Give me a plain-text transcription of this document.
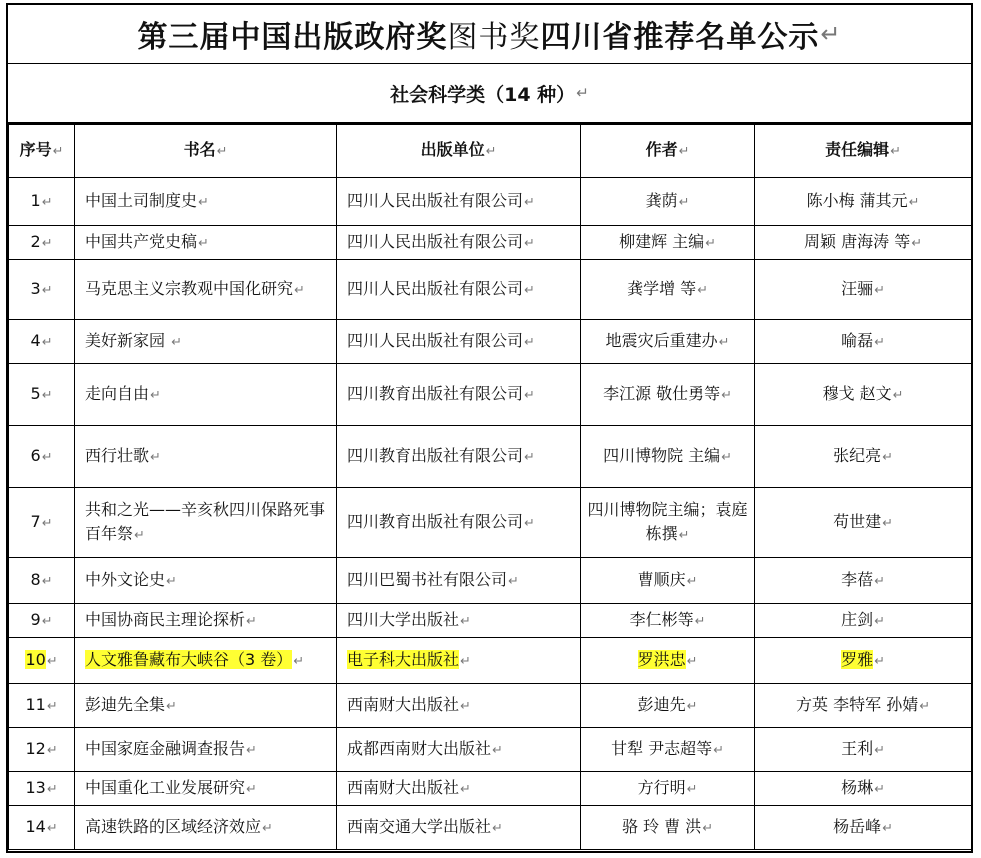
第三届中国出版政府奖 图书奖 四川省推荐名单公示 ↵
社会科学类（14 种） ↵
序号↵	书名↵	出版单位↵	作者↵	责任编辑↵
1↵	中国土司制度史↵	四川人民出版社有限公司↵	龚荫↵	陈小梅 蒲其元↵
2↵	中国共产党史稿↵	四川人民出版社有限公司↵	柳建辉 主编↵	周颖 唐海涛 等↵
3↵	马克思主义宗教观中国化研究↵	四川人民出版社有限公司↵	龚学增 等↵	汪骊↵
4↵	美好新家园 ↵	四川人民出版社有限公司↵	地震灾后重建办↵	喻磊↵
5↵	走向自由↵	四川教育出版社有限公司↵	李江源 敬仕勇等↵	穆戈 赵文↵
6↵	西行壮歌↵	四川教育出版社有限公司↵	四川博物院 主编↵	张纪亮↵
7↵	共和之光——辛亥秋四川保路死事百年祭↵	四川教育出版社有限公司↵	四川博物院主编；袁庭栋撰↵	苟世建↵
8↵	中外文论史↵	四川巴蜀书社有限公司↵	曹顺庆↵	李蓓↵
9↵	中国协商民主理论探析↵	四川大学出版社↵	李仁彬等↵	庄剑↵
10↵	人文雅鲁藏布大峡谷（3 卷）↵	电子科大出版社↵	罗洪忠↵	罗雅↵
11↵	彭迪先全集↵	西南财大出版社↵	彭迪先↵	方英 李特军 孙婧↵
12↵	中国家庭金融调查报告↵	成都西南财大出版社↵	甘犁 尹志超等↵	王利↵
13↵	中国重化工业发展研究↵	西南财大出版社↵	方行明↵	杨琳↵
14↵	高速铁路的区域经济效应↵	西南交通大学出版社↵	骆 玲 曹 洪↵	杨岳峰↵
